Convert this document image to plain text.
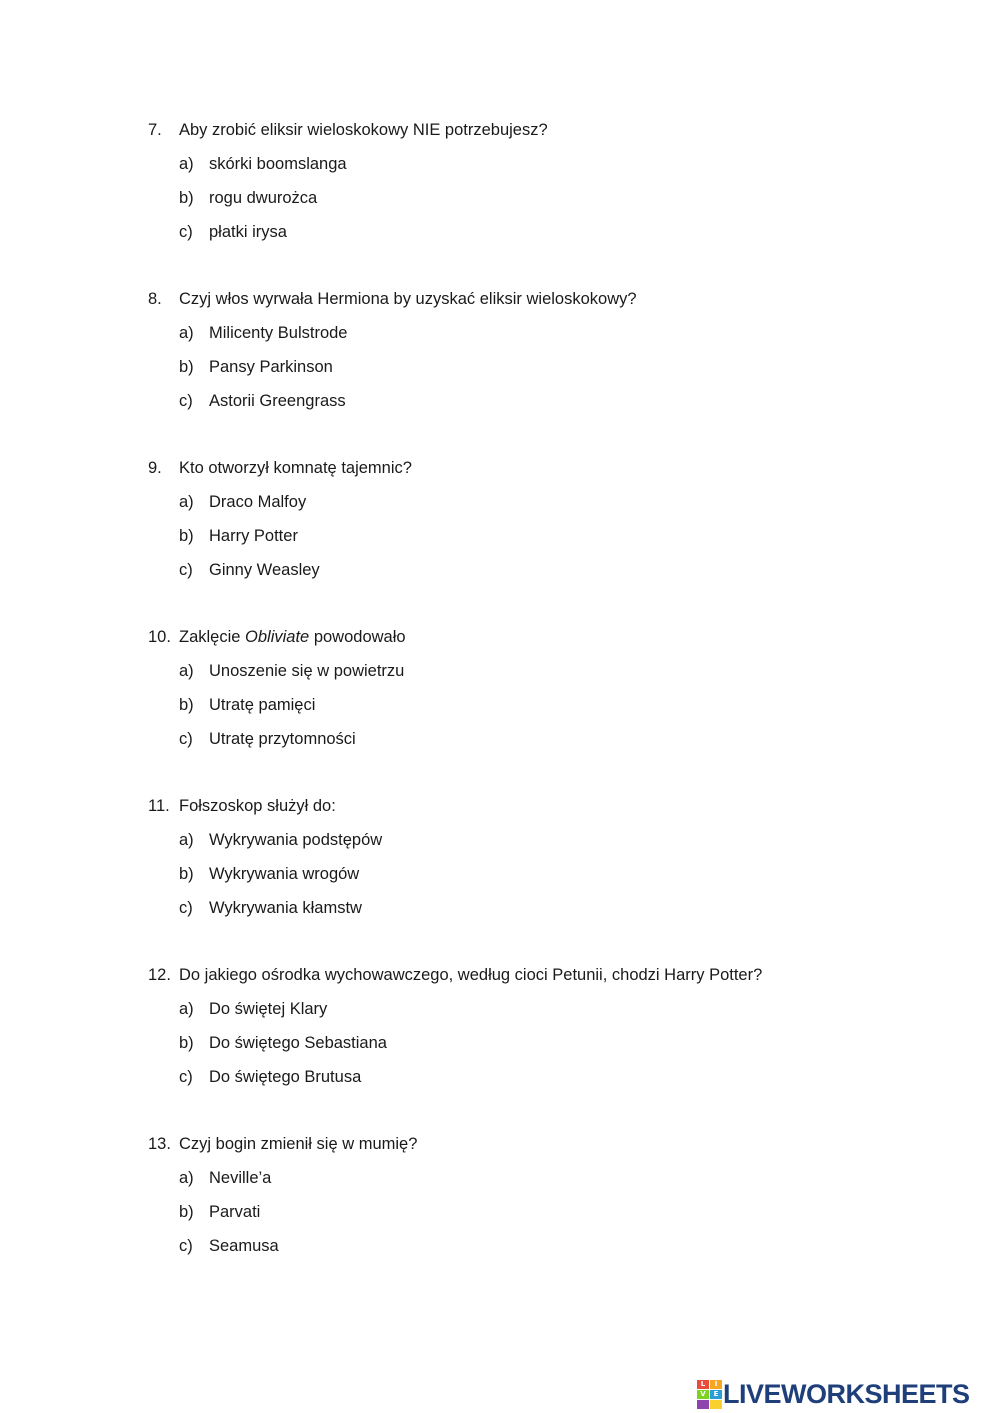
7. Aby zrobić eliksir wieloskokowy NIE potrzebujesz?
a) skórki boomslanga
b) rogu dwurożca
c) płatki irysa
8. Czyj włos wyrwała Hermiona by uzyskać eliksir wieloskokowy?
a) Milicenty Bulstrode
b) Pansy Parkinson
c) Astorii Greengrass
9. Kto otworzył komnatę tajemnic?
a) Draco Malfoy
b) Harry Potter
c) Ginny Weasley
10. Zaklęcie Obliviate powodowało
a) Unoszenie się w powietrzu
b) Utratę pamięci
c) Utratę przytomności
11. Fołszoskop służył do:
a) Wykrywania podstępów
b) Wykrywania wrogów
c) Wykrywania kłamstw
12. Do jakiego ośrodka wychowawczego, według cioci Petunii, chodzi Harry Potter?
a) Do świętej Klary
b) Do świętego Sebastiana
c) Do świętego Brutusa
13. Czyj bogin zmienił się w mumię?
a) Neville’a
b) Parvati
c) Seamusa
L	I
V	E LIVEWORKSHEETS
